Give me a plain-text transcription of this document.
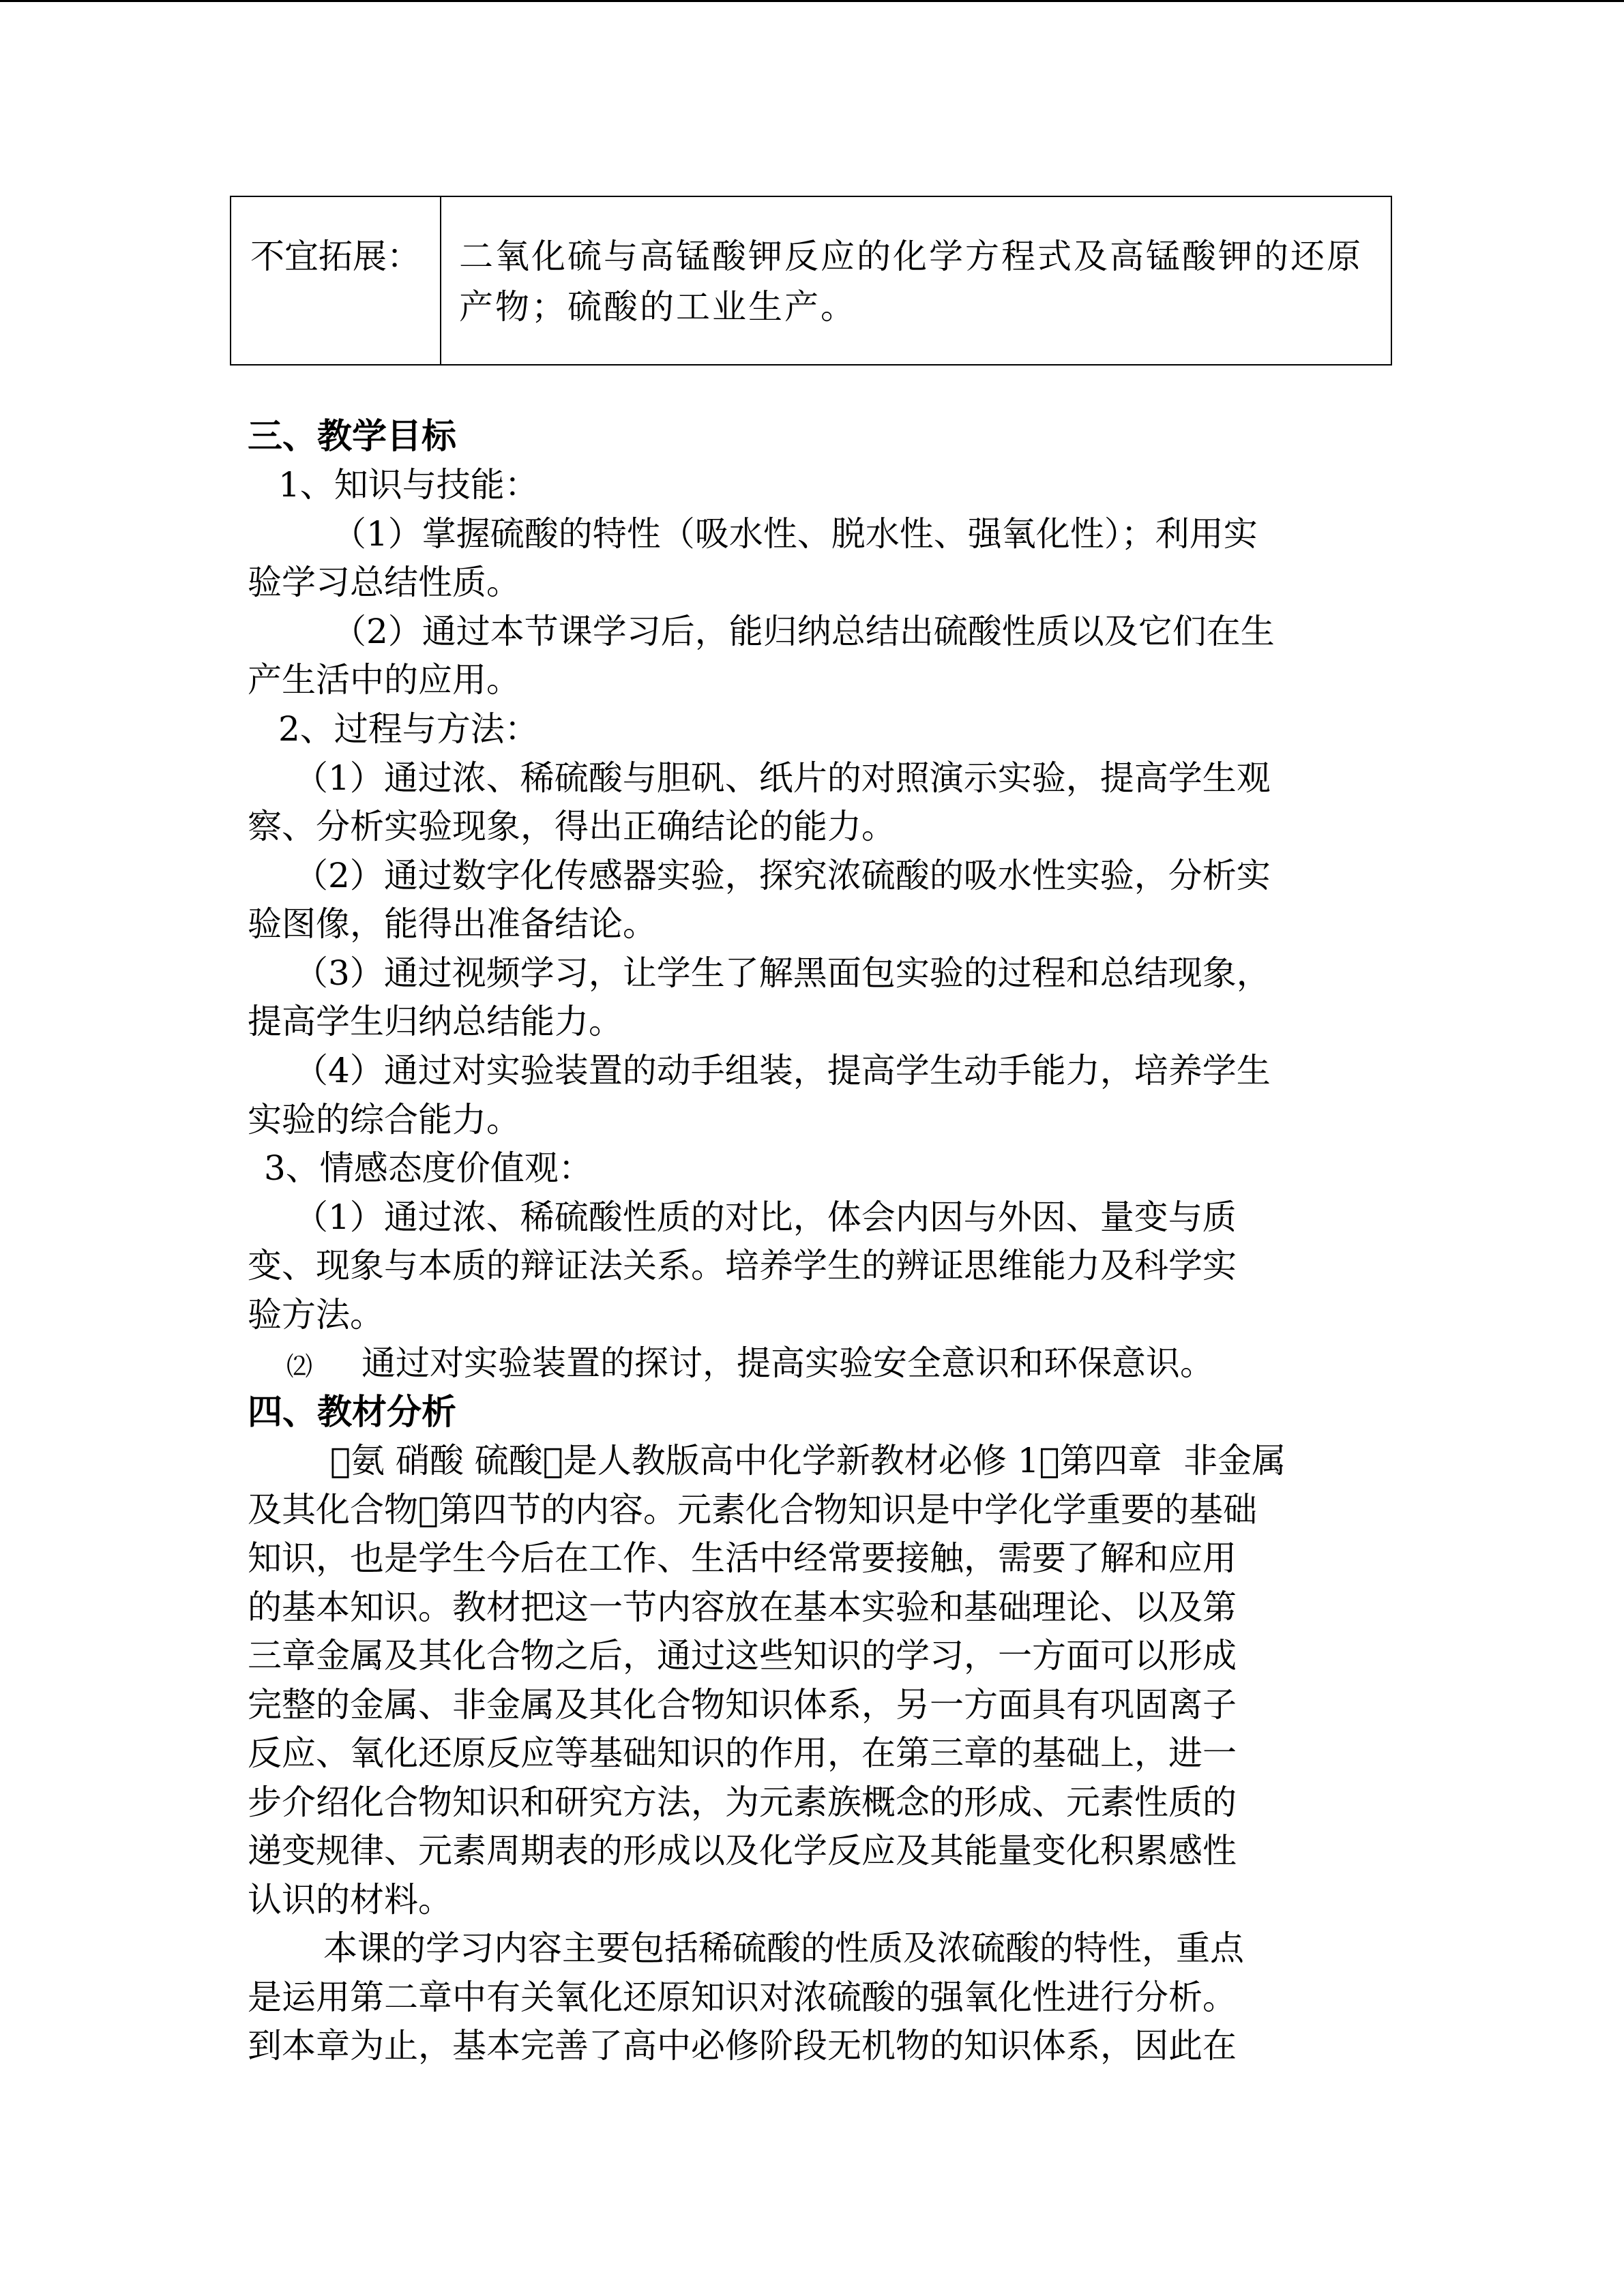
不宜拓展：	二氧化硫与高锰酸钾反应的化学方程式及高锰酸钾的还原产物；硫酸的工业生产。
三、教学目标
1、知识与技能：
（1）掌握硫酸的特性（吸水性、脱水性、强氧化性）；利用实
验学习总结性质。
（2）通过本节课学习后，能归纳总结出硫酸性质以及它们在生
产生活中的应用。
2、过程与方法：
（1）通过浓、稀硫酸与胆矾、纸片的对照演示实验，提高学生观
察、分析实验现象，得出正确结论的能力。
（2）通过数字化传感器实验，探究浓硫酸的吸水性实验，分析实
验图像，能得出准备结论。
（3）通过视频学习，让学生了解黑面包实验的过程和总结现象，
提高学生归纳总结能力。
（4）通过对实验装置的动手组装，提高学生动手能力，培养学生
实验的综合能力。
3、情感态度价值观：
（1）通过浓、稀硫酸性质的对比，体会内因与外因、量变与质
变、现象与本质的辩证法关系。培养学生的辨证思维能力及科学实
验方法。
⑵ 通过对实验装置的探讨，提高实验安全意识和环保意识。
四、教材分析
 氨 硝酸 硫酸 是人教版高中化学新教材必修 1 第四章  非金属
及其化合物 第四节的内容。元素化合物知识是中学化学重要的基础
知识，也是学生今后在工作、生活中经常要接触，需要了解和应用
的基本知识。教材把这一节内容放在基本实验和基础理论、以及第
三章金属及其化合物之后，通过这些知识的学习，一方面可以形成
完整的金属、非金属及其化合物知识体系，另一方面具有巩固离子
反应、氧化还原反应等基础知识的作用，在第三章的基础上，进一
步介绍化合物知识和研究方法，为元素族概念的形成、元素性质的
递变规律、元素周期表的形成以及化学反应及其能量变化积累感性
认识的材料。
本课的学习内容主要包括稀硫酸的性质及浓硫酸的特性，重点
是运用第二章中有关氧化还原知识对浓硫酸的强氧化性进行分析。
到本章为止，基本完善了高中必修阶段无机物的知识体系，因此在
